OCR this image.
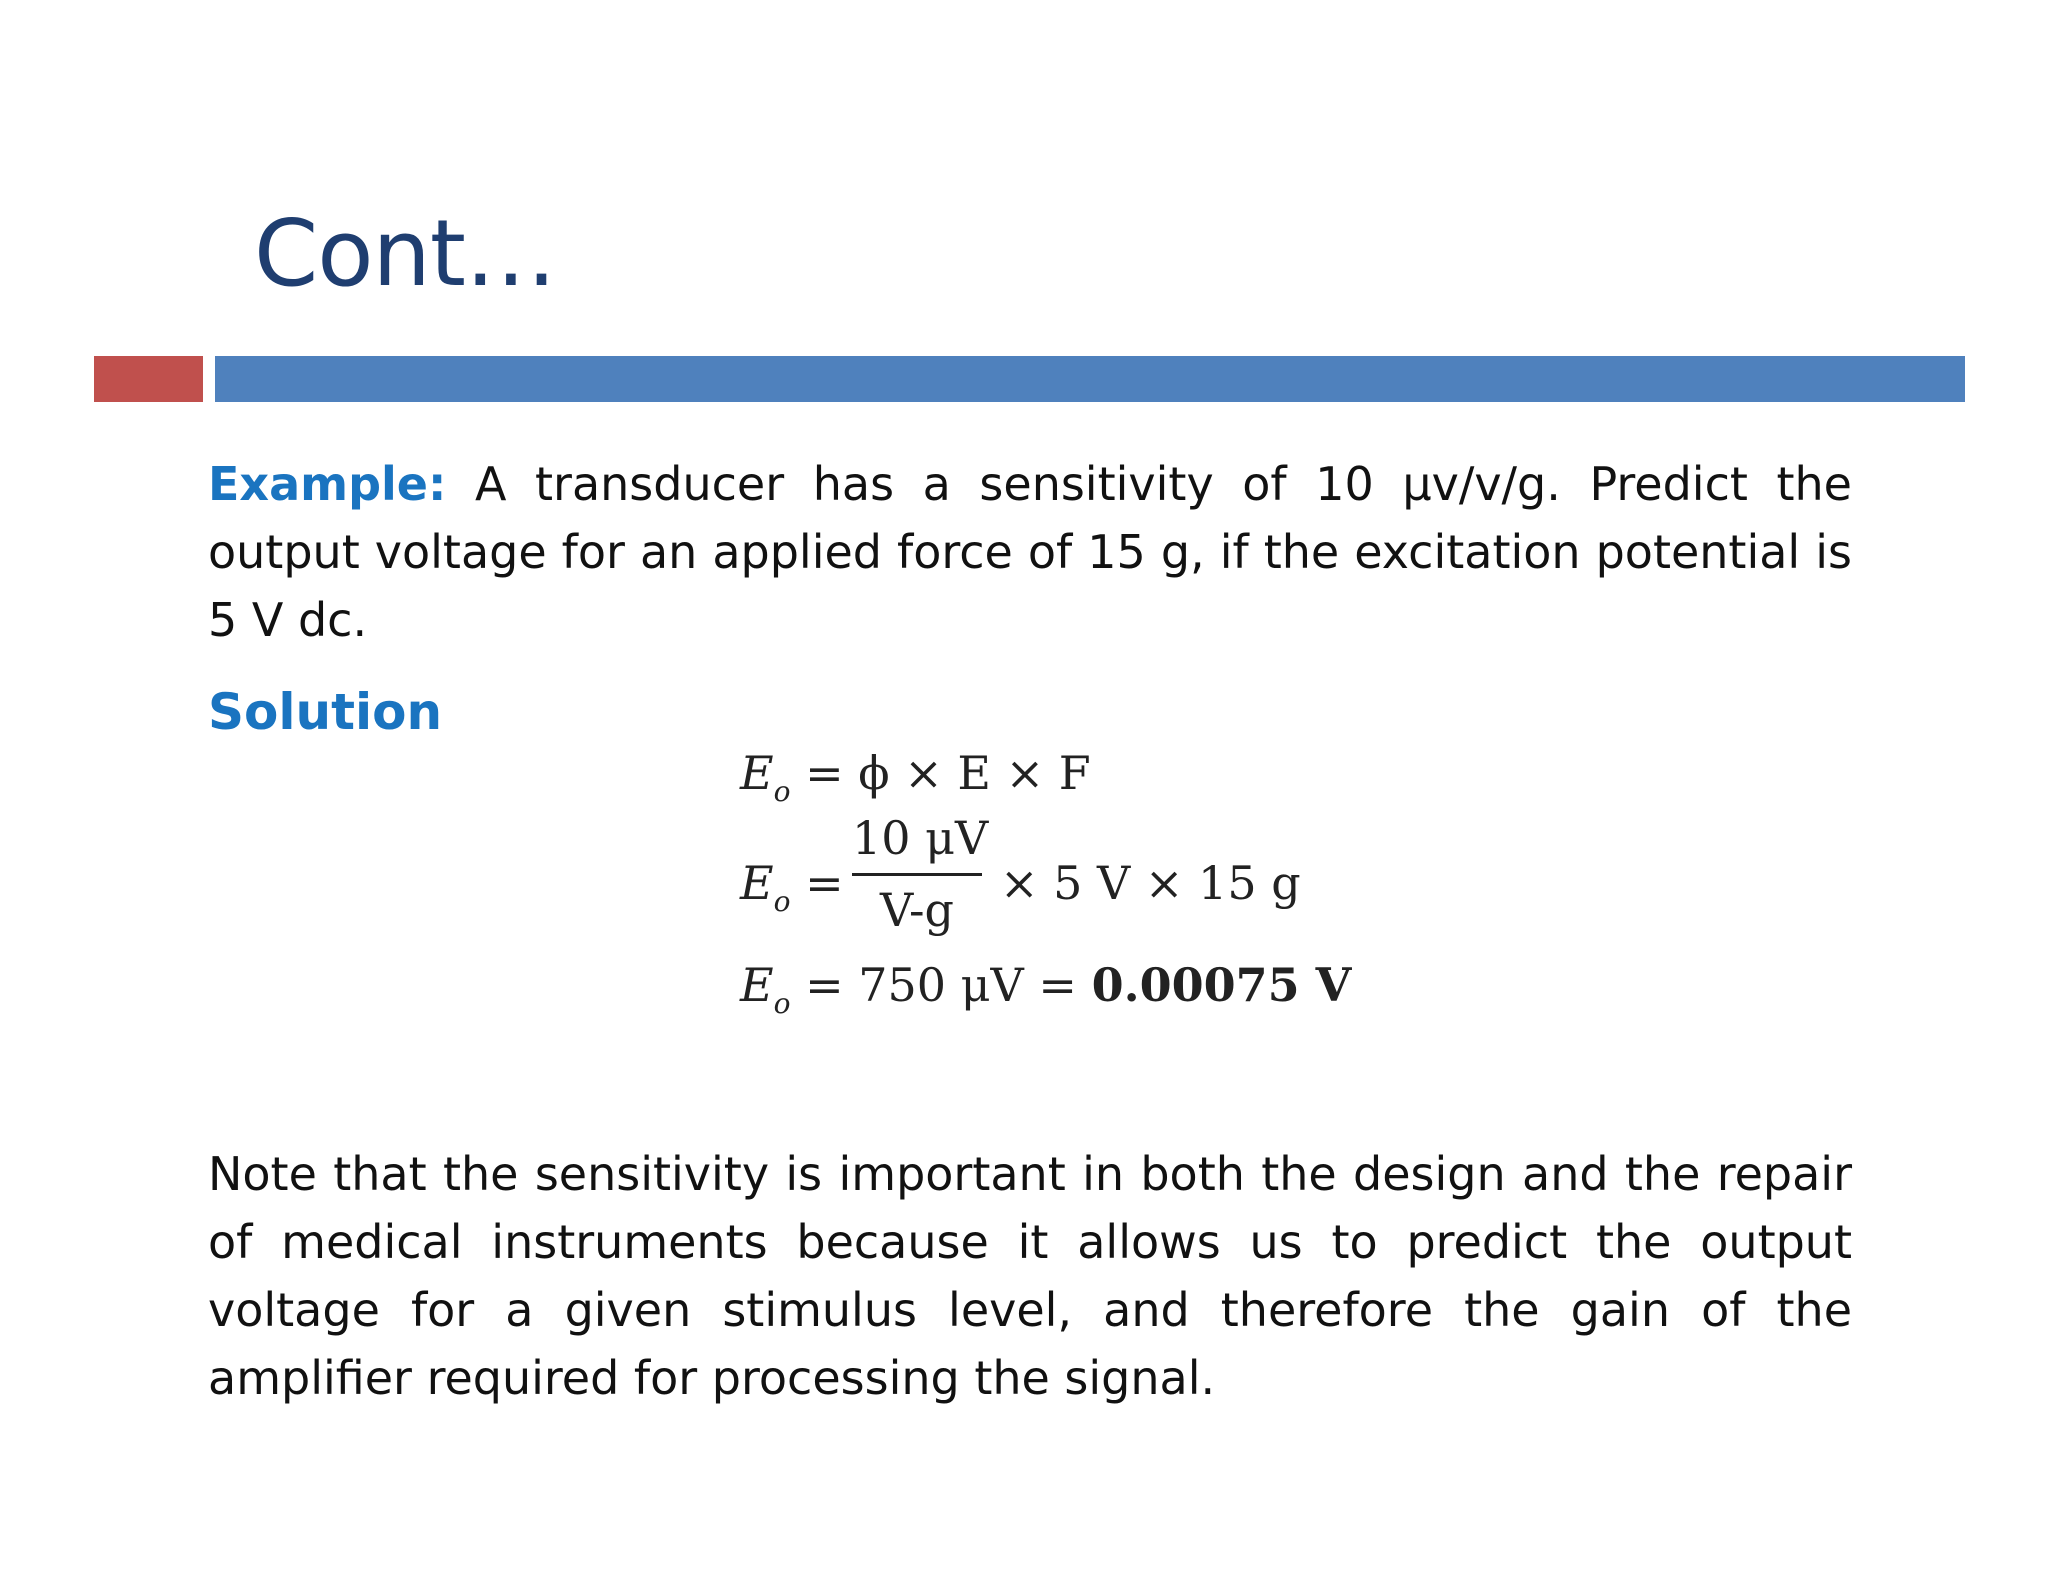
Cont…
Example: A transducer has a sensitivity of 10 μv/v/g. Predict the output voltage for an applied force of 15 g, if the excitation potential is 5 V dc.
Solution
$E_o = \phi \times E \times F$
$E_o$ =
10 μV
V-g	× 5 V × 15 g
$E_o = 750$ μV = 0.00075 V
Note that the sensitivity is important in both the design and the repair of medical instruments because it allows us to predict the output voltage for a given stimulus level, and therefore the gain of the amplifier required for processing the signal.
